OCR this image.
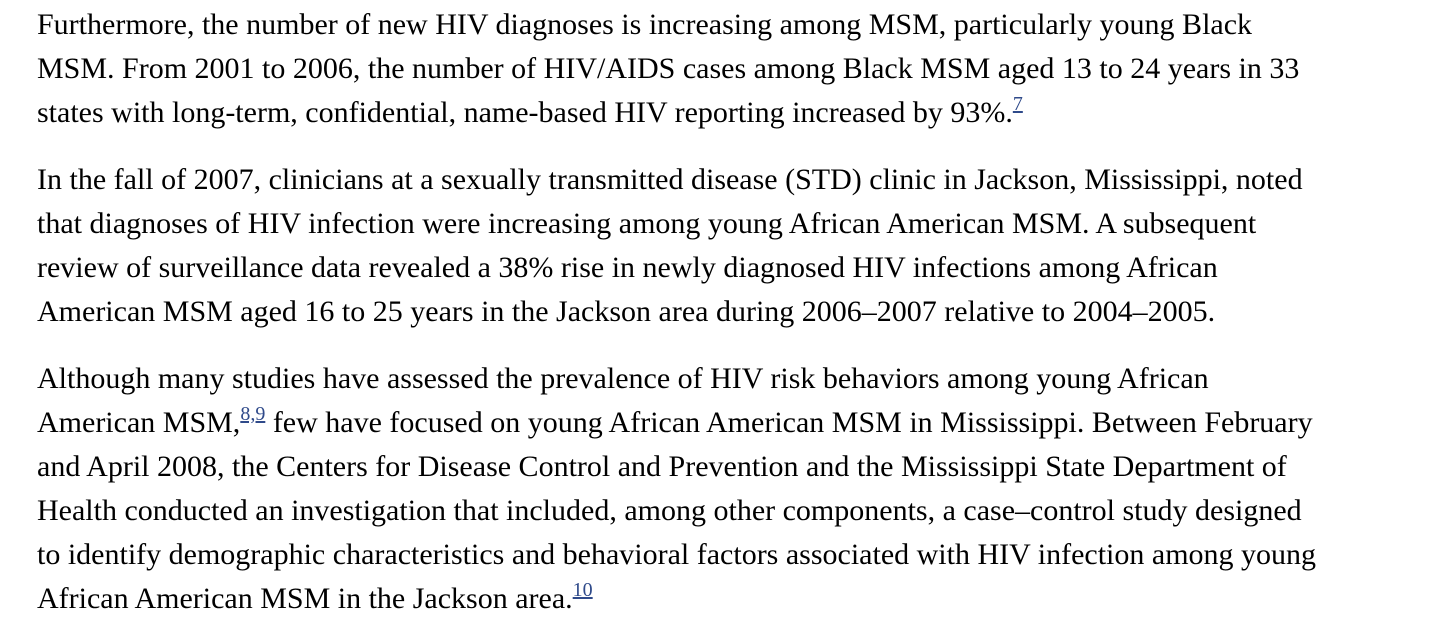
Furthermore, the number of new HIV diagnoses is increasing among MSM, particularly young Black
MSM. From 2001 to 2006, the number of HIV/AIDS cases among Black MSM aged 13 to 24 years in 33
states with long-term, confidential, name-based HIV reporting increased by 93%.$^7$

In the fall of 2007, clinicians at a sexually transmitted disease (STD) clinic in Jackson, Mississippi, noted
that diagnoses of HIV infection were increasing among young African American MSM. A subsequent
review of surveillance data revealed a 38% rise in newly diagnosed HIV infections among African
American MSM aged 16 to 25 years in the Jackson area during 2006–2007 relative to 2004–2005.

Although many studies have assessed the prevalence of HIV risk behaviors among young African
American MSM,$^{8,9}$ few have focused on young African American MSM in Mississippi. Between February
and April 2008, the Centers for Disease Control and Prevention and the Mississippi State Department of
Health conducted an investigation that included, among other components, a case–control study designed
to identify demographic characteristics and behavioral factors associated with HIV infection among young
African American MSM in the Jackson area.$^{10}$
